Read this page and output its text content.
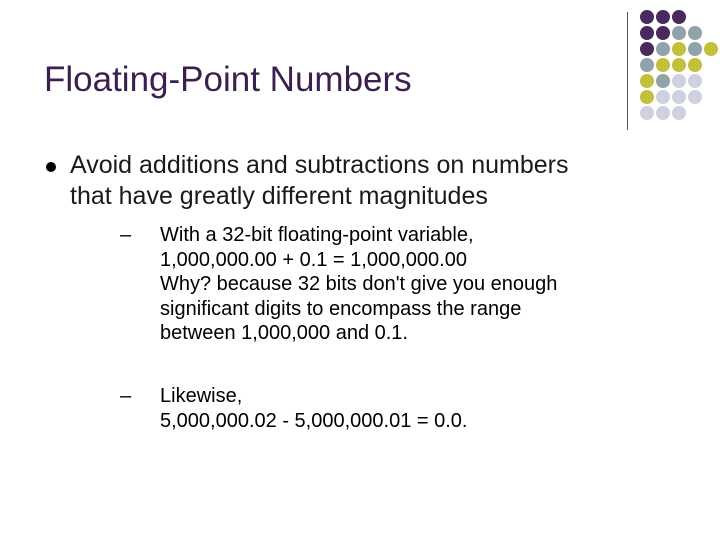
Floating-Point Numbers
Avoid additions and subtractions on numbers
that have greatly different magnitudes
– With a 32-bit floating-point variable,
1,000,000.00 + 0.1 = 1,000,000.00
Why? because 32 bits don't give you enough
significant digits to encompass the range
between 1,000,000 and 0.1.
– Likewise,
5,000,000.02 - 5,000,000.01 = 0.0.
